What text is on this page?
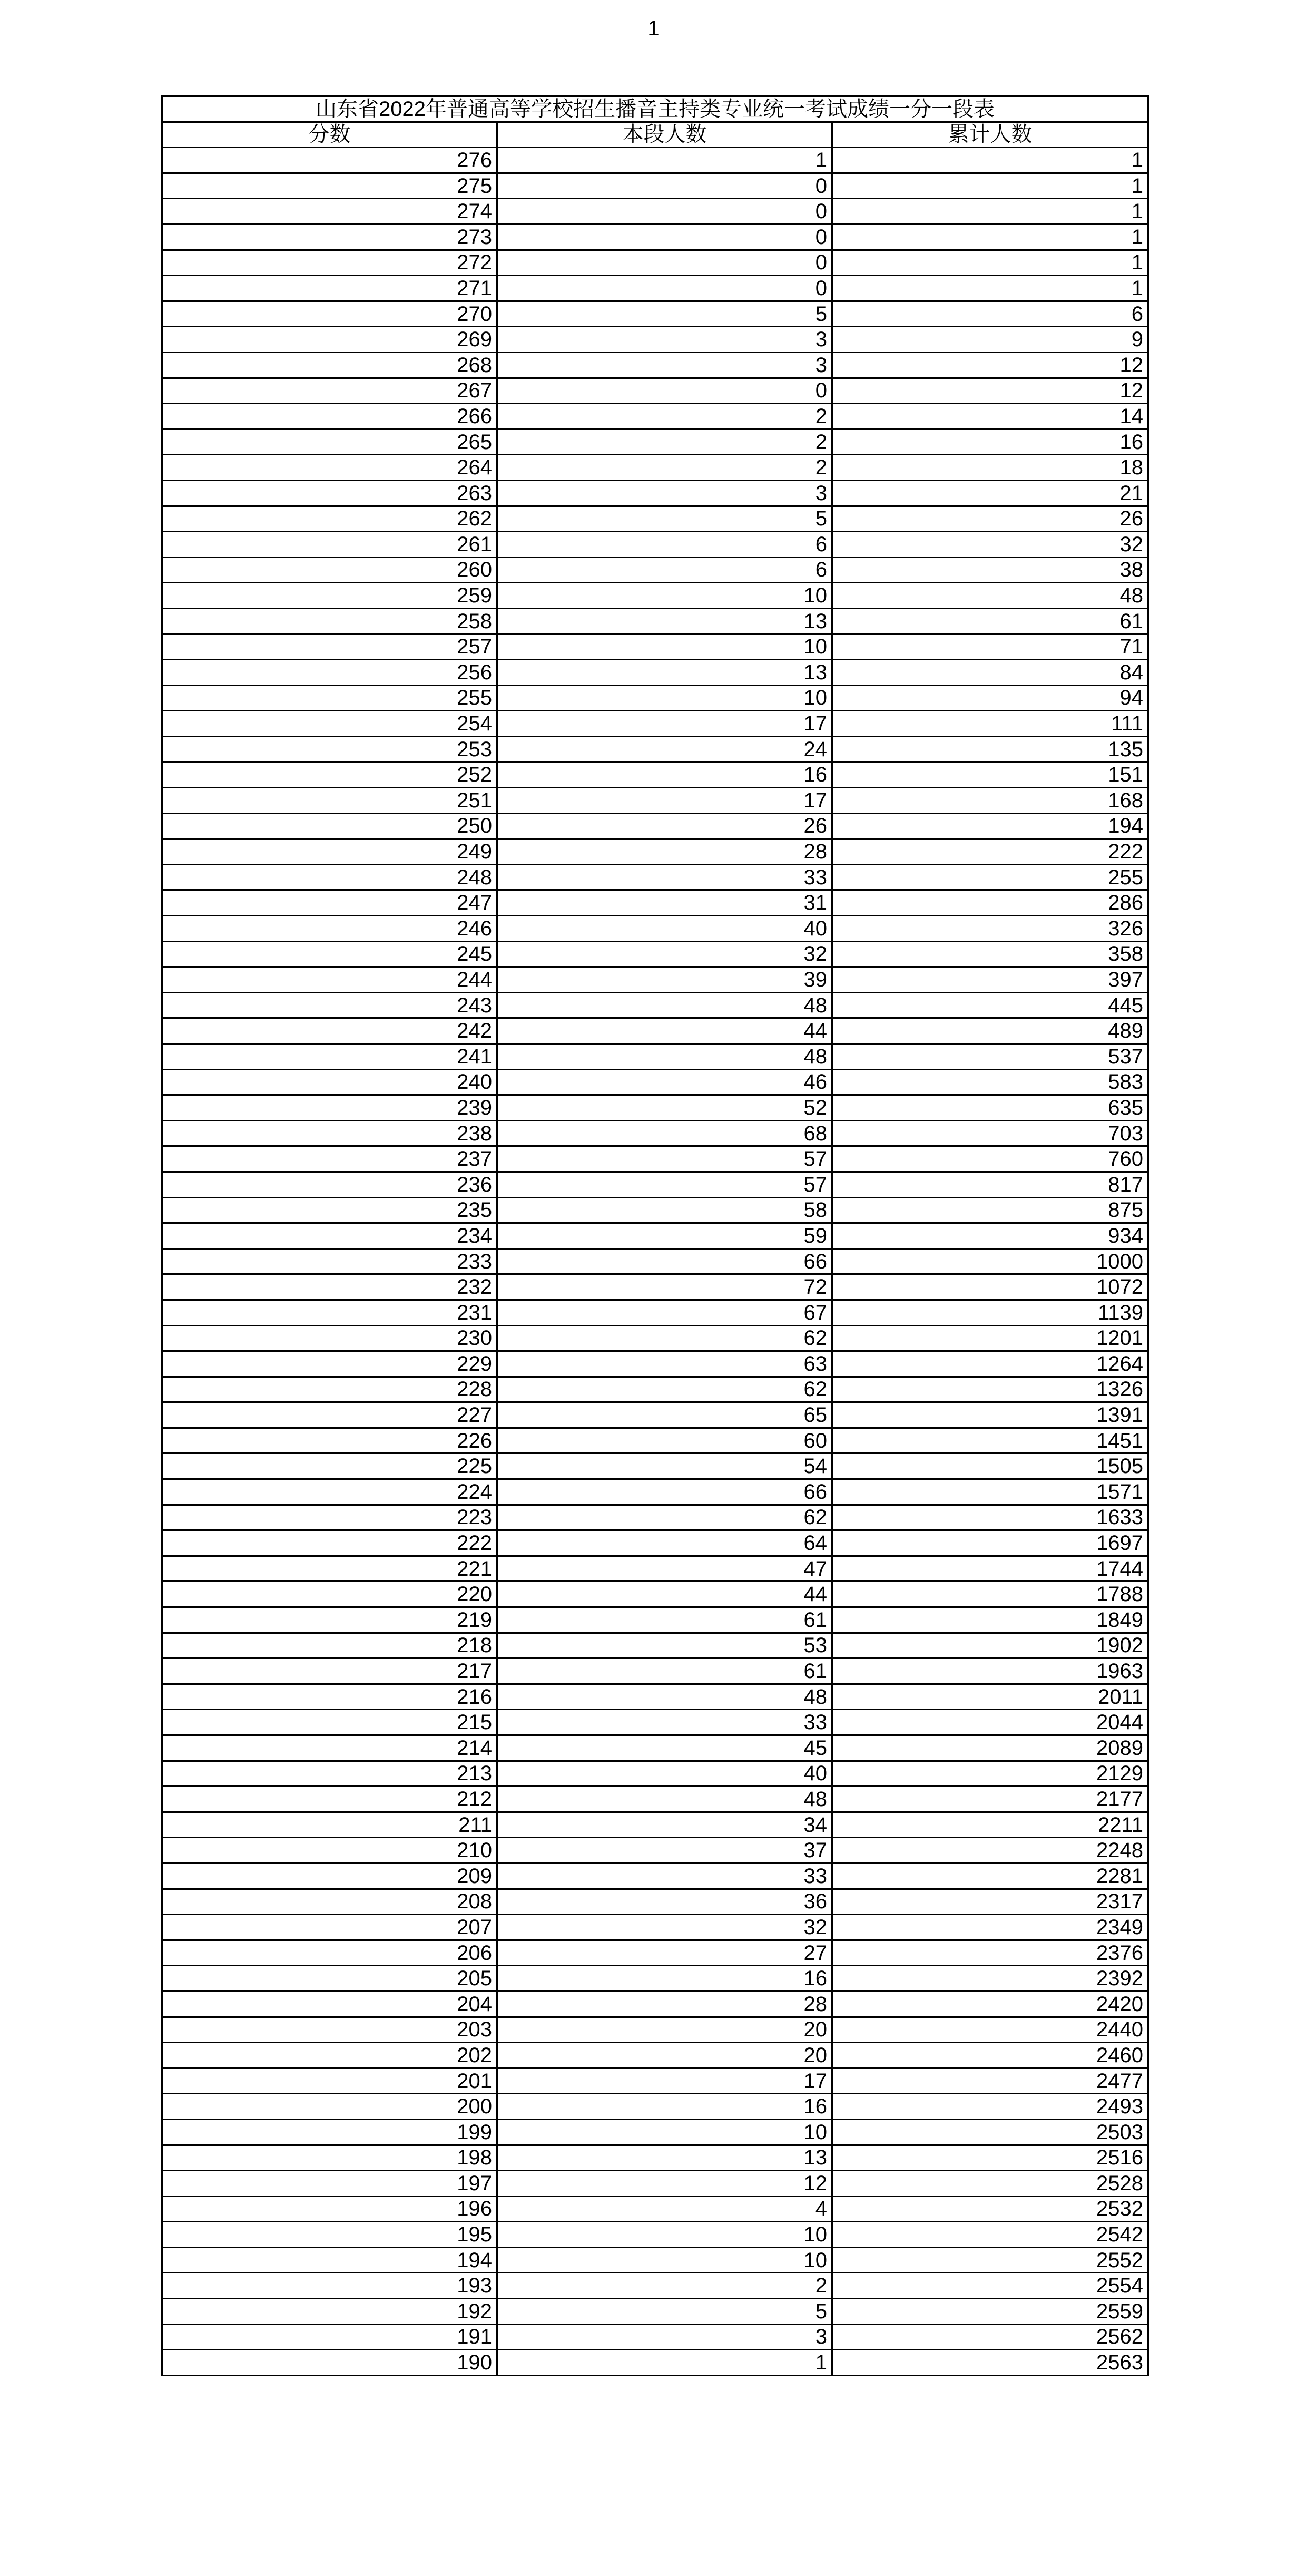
1
山东省2022年普通高等学校招生播音主持类专业统一考试成绩一分一段表		
分数	本段人数	累计人数
276	1	1
275	0	1
274	0	1
273	0	1
272	0	1
271	0	1
270	5	6
269	3	9
268	3	12
267	0	12
266	2	14
265	2	16
264	2	18
263	3	21
262	5	26
261	6	32
260	6	38
259	10	48
258	13	61
257	10	71
256	13	84
255	10	94
254	17	111
253	24	135
252	16	151
251	17	168
250	26	194
249	28	222
248	33	255
247	31	286
246	40	326
245	32	358
244	39	397
243	48	445
242	44	489
241	48	537
240	46	583
239	52	635
238	68	703
237	57	760
236	57	817
235	58	875
234	59	934
233	66	1000
232	72	1072
231	67	1139
230	62	1201
229	63	1264
228	62	1326
227	65	1391
226	60	1451
225	54	1505
224	66	1571
223	62	1633
222	64	1697
221	47	1744
220	44	1788
219	61	1849
218	53	1902
217	61	1963
216	48	2011
215	33	2044
214	45	2089
213	40	2129
212	48	2177
211	34	2211
210	37	2248
209	33	2281
208	36	2317
207	32	2349
206	27	2376
205	16	2392
204	28	2420
203	20	2440
202	20	2460
201	17	2477
200	16	2493
199	10	2503
198	13	2516
197	12	2528
196	4	2532
195	10	2542
194	10	2552
193	2	2554
192	5	2559
191	3	2562
190	1	2563
